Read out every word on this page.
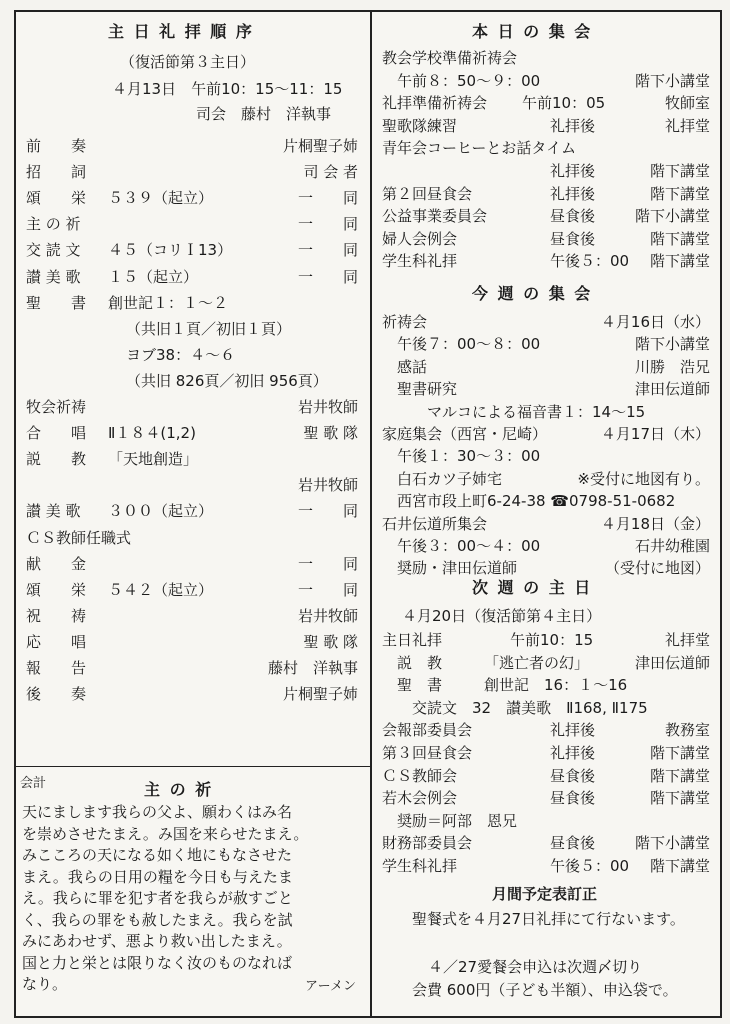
主 日 礼 拝 順 序
（復活節第３主日）
４月13日　午前10：15〜11：15
司会　藤村　洋執事
前　　奏	片桐聖子姉
招　　詞	司 会 者
頌　　栄 ５３９（起立）	一　　同
主 の 祈	一　　同
交 読 文 ４５（コリＩ13）	一　　同
讃 美 歌 １５（起立）	一　　同
聖　　書 創世記１：１〜２
（共旧１頁／初旧１頁）
ヨブ38：４〜６
（共旧 826頁／初旧 956頁）
牧会祈祷	岩井牧師
合　　唱 Ⅱ１８４(1,2)	聖 歌 隊
説　　教 「天地創造」
岩井牧師
讃 美 歌 ３００（起立）	一　　同
ＣＳ教師任職式
献　　金	一　　同
頌　　栄 ５４２（起立）	一　　同
祝　　祷	岩井牧師
応　　唱	聖 歌 隊
報　　告	藤村　洋執事
後　　奏	片桐聖子姉
会計	主 の 祈
天にまします我らの父よ、願わくはみ名
を崇めさせたまえ。み国を来らせたまえ。
みこころの天になる如く地にもなさせた
まえ。我らの日用の糧を今日も与えたま
え。我らに罪を犯す者を我らが赦すごと
く、我らの罪をも赦したまえ。我らを試
みにあわせず、悪より救い出したまえ。
国と力と栄とは限りなく汝のものなれば
なり。	アーメン
本 日 の 集 会
教会学校準備祈祷会
　午前８：50〜９：00	階下小講堂
礼拝準備祈祷会 午前10：05	牧師室
聖歌隊練習	礼拝後	礼拝堂
青年会コーヒーとお話タイム
礼拝後	階下講堂
第２回昼食会	礼拝後	階下講堂
公益事業委員会	昼食後	階下小講堂
婦人会例会	昼食後	階下講堂
学生科礼拝	午後５：00 階下講堂
今 週 の 集 会
祈祷会	４月16日（水）
　午後７：00〜８：00	階下小講堂
　感話	川勝　浩兄
　聖書研究	津田伝道師
　　　マルコによる福音書１：14〜15
家庭集会（西宮・尼崎）	４月17日（木）
　午後１：30〜３：00
　白石カツ子姉宅	※受付に地図有り。
　西宮市段上町6-24-38 ☎0798-51-0682
石井伝道所集会	４月18日（金）
　午後３：00〜４：00	石井幼稚園
　奨励・津田伝道師	（受付に地図）
次 週 の 主 日
４月20日（復活節第４主日）
主日礼拝	午前10：15	礼拝堂
　説　教	「逃亡者の幻」	津田伝道師
　聖　書	創世記　16：１〜16
　　交読文　32　讃美歌　Ⅱ168, Ⅱ175
会報部委員会	礼拝後	教務室
第３回昼食会	礼拝後	階下講堂
ＣＳ教師会	昼食後	階下講堂
若木会例会	昼食後	階下講堂
　奨励＝阿部　恩兄
財務部委員会	昼食後	階下小講堂
学生科礼拝	午後５：00 階下講堂
月間予定表訂正
聖餐式を４月27日礼拝にて行ないます。
４／27愛餐会申込は次週〆切り
会費 600円（子ども半額）、申込袋で。
